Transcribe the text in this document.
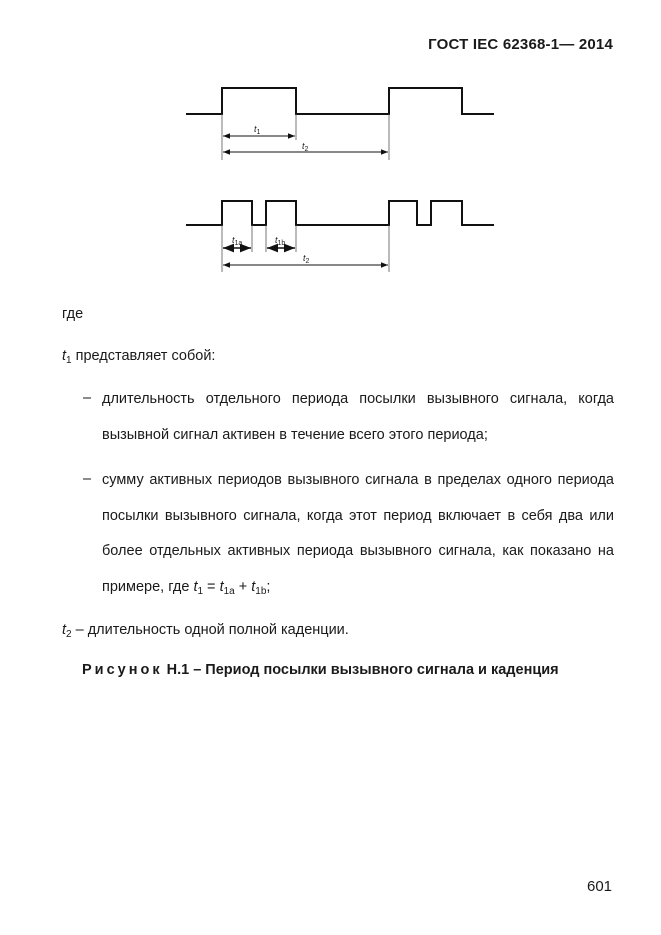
ГОСТ IEC 62368-1— 2014
$t_1$
$t_2$
$t_{1a}$	$t_{1b}$
$t_2$
где
$t_1$ представляет собой:
– длительность отдельного периода посылки вызывного сигнала, когда вызывной сигнал активен в течение всего этого периода;
– сумму активных периодов вызывного сигнала в пределах одного периода посылки вызывного сигнала, когда этот период включает в себя два или более отдельных активных периода вызывного сигнала, как показано на примере, где $t_1 = t_{1a} + t_{1b}$;
$t_2$ – длительность одной полной каденции.
Рисунок Н.1 – Период посылки вызывного сигнала и каденция
601
